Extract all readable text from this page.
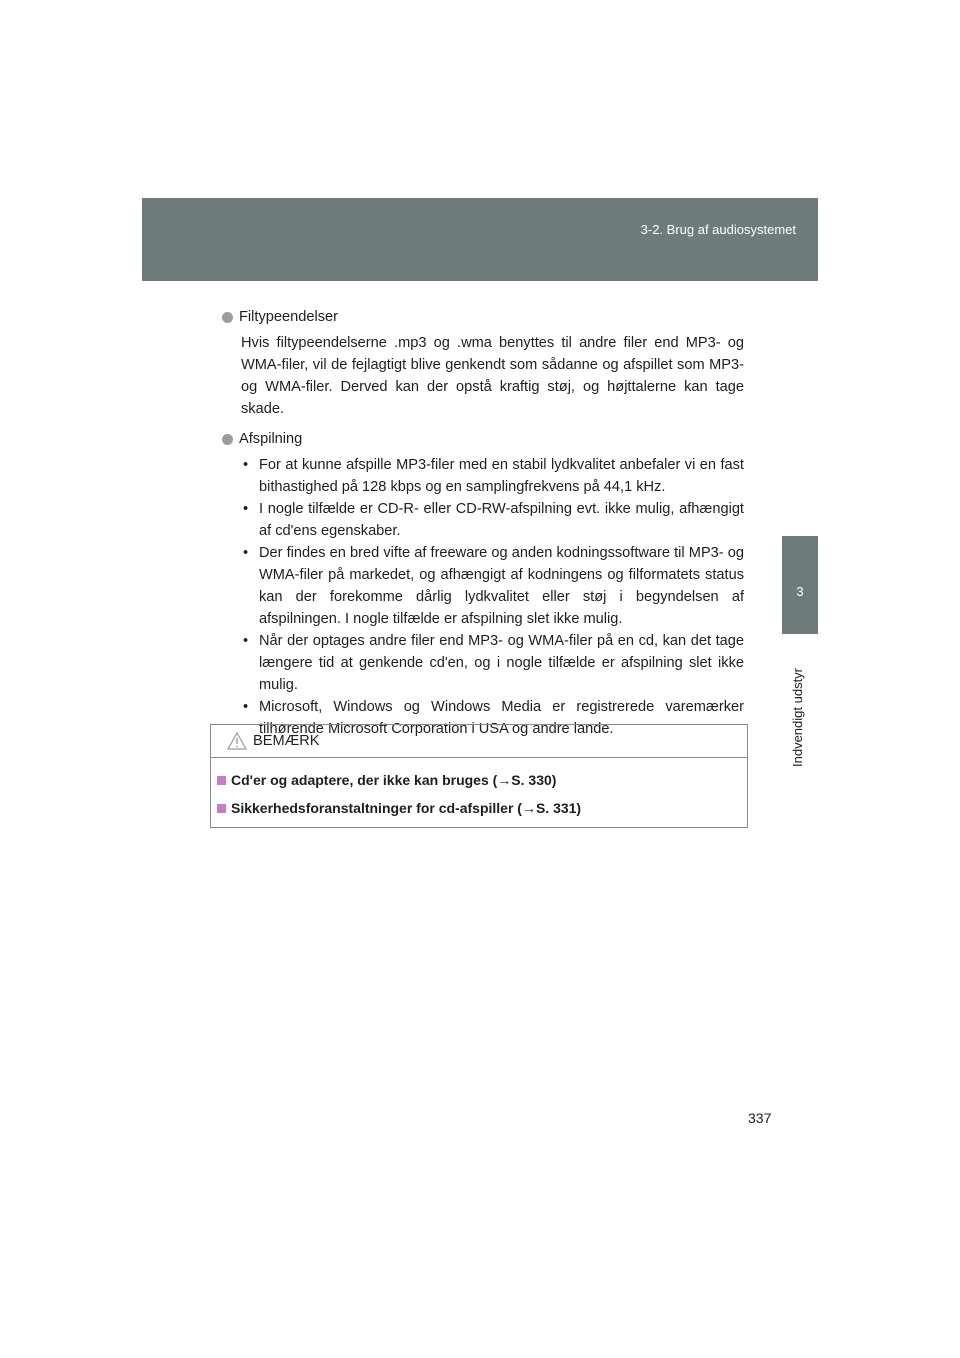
3-2. Brug af audiosystemet
3
Indvendigt udstyr
Filtypeendelser

Hvis filtypeendelserne .mp3 og .wma benyttes til andre filer end MP3- og WMA-filer, vil de fejlagtigt blive genkendt som sådanne og afspillet som MP3- og WMA-filer. Derved kan der opstå kraftig støj, og højttalerne kan tage skade.

Afspilning
• For at kunne afspille MP3-filer med en stabil lydkvalitet anbefaler vi en fast bithastighed på 128 kbps og en samplingfrekvens på 44,1 kHz.
• I nogle tilfælde er CD-R- eller CD-RW-afspilning evt. ikke mulig, afhængigt af cd'ens egenskaber.
• Der findes en bred vifte af freeware og anden kodningssoftware til MP3- og WMA-filer på markedet, og afhængigt af kodningens og filformatets status kan der forekomme dårlig lydkvalitet eller støj i begyndelsen af afspilningen. I nogle tilfælde er afspilning slet ikke mulig.
• Når der optages andre filer end MP3- og WMA-filer på en cd, kan det tage længere tid at genkende cd'en, og i nogle tilfælde er afspilning slet ikke mulig.
• Microsoft, Windows og Windows Media er registrerede varemærker tilhørende Microsoft Corporation i USA og andre lande.
BEMÆRK
Cd'er og adaptere, der ikke kan bruges (→S. 330)
Sikkerhedsforanstaltninger for cd-afspiller (→S. 331)
337
